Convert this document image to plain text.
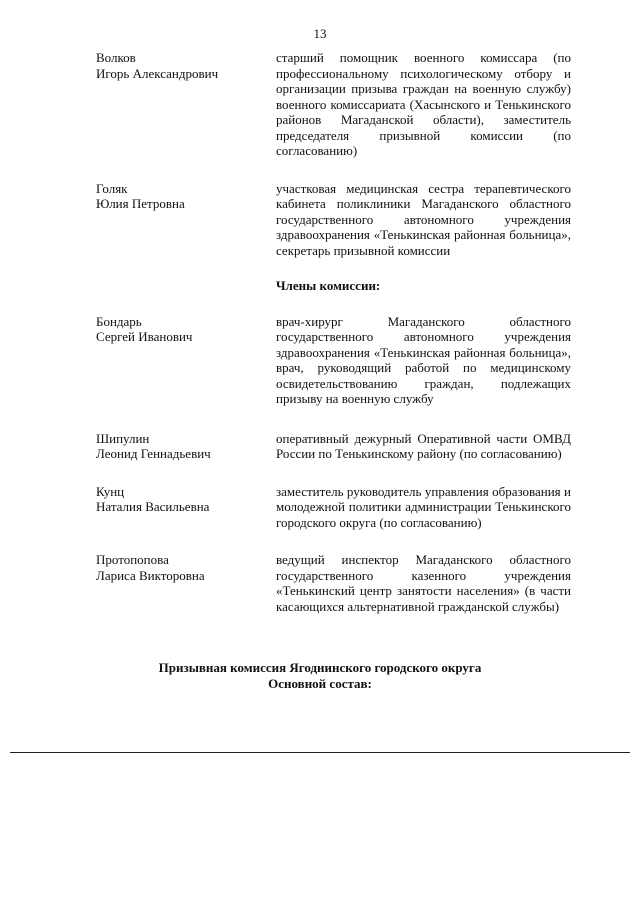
13
Волков
Игорь Александрович
старший помощник военного комиссара (по профессиональному психологическому отбору и организации призыва граждан на военную службу) военного комиссариата (Хасынского и Тенькинского районов Магаданской области), заместитель председателя призывной комиссии (по согласованию)
Голяк
Юлия Петровна
участковая медицинская сестра терапевтического кабинета поликлиники Магаданского областного государственного автономного учреждения здравоохранения «Тенькинская районная больница», секретарь призывной комиссии
Члены комиссии:
Бондарь
Сергей Иванович
врач-хирург Магаданского областного государственного автономного учреждения здравоохранения «Тенькинская районная больница», врач, руководящий работой по медицинскому освидетельствованию граждан, подлежащих призыву на военную службу
Шипулин
Леонид Геннадьевич
оперативный дежурный Оперативной части ОМВД России по Тенькинскому району (по согласованию)
Кунц
Наталия Васильевна
заместитель руководитель управления образования и молодежной политики администрации Тенькинского городского округа (по согласованию)
Протопопова
Лариса Викторовна
ведущий инспектор Магаданского областного государственного казенного учреждения «Тенькинский центр занятости населения» (в части касающихся альтернативной гражданской службы)
Призывная комиссия Ягоднинского городского округа
Основной состав:
